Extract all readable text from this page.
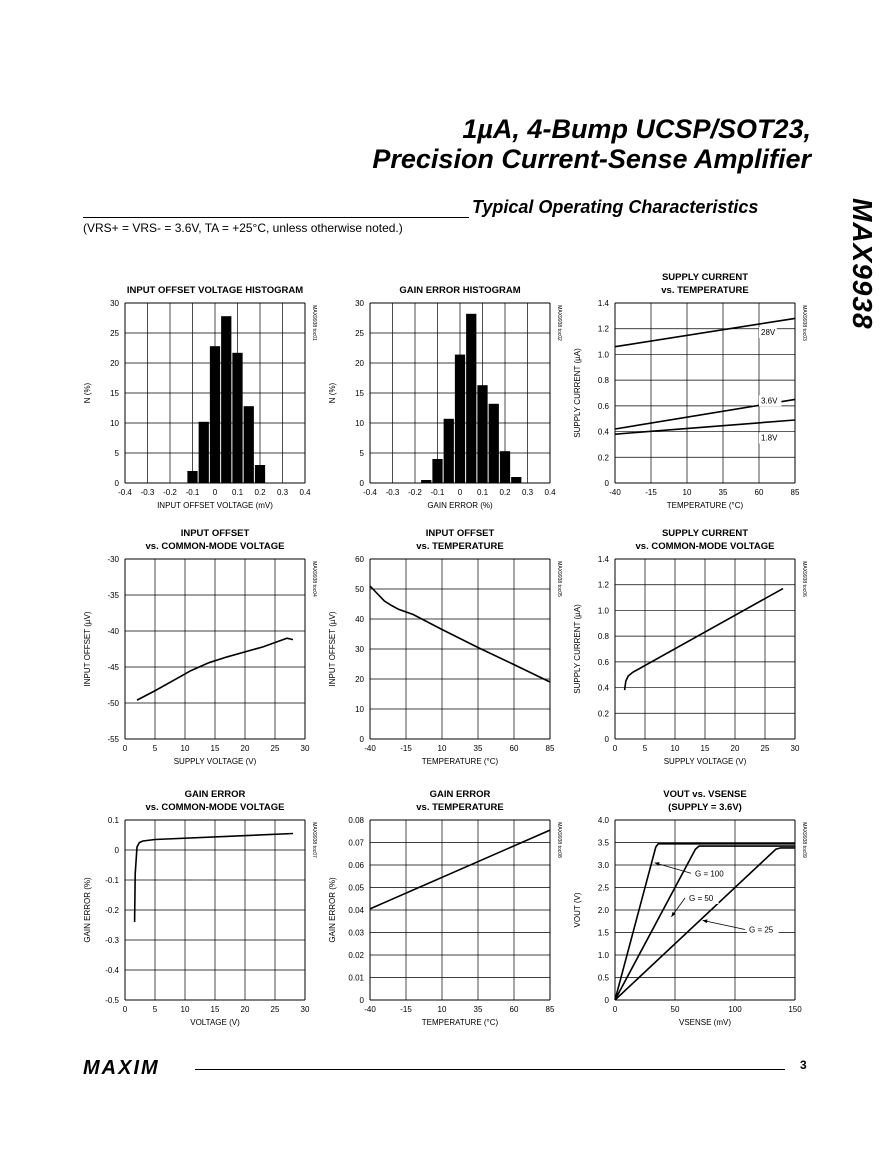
1µA, 4-Bump UCSP/SOT23,
Precision Current-Sense Amplifier
Typical Operating Characteristics
(VRS+ = VRS- = 3.6V, TA = +25°C, unless otherwise noted.)	MAX9938
INPUT OFFSET VOLTAGE HISTOGRAM
-0.4 -0.3 -0.2 -0.1 0 0.1 0.2 0.3 0.4
0
5
10
15
20
25
30
INPUT OFFSET VOLTAGE (mV)
N (%)
MAX9938 toc01
GAIN ERROR HISTOGRAM
-0.4 -0.3 -0.2 -0.1 0 0.1 0.2 0.3 0.4
0
5
10
15
20
25
30
GAIN ERROR (%)
N (%)
MAX9938 toc02
SUPPLY CURRENT
vs. TEMPERATURE
-40	-15	10	35	60	85
0
0.2
0.4
0.6
0.8
1.0
1.2
1.4
TEMPERATURE (°C)
SUPPLY CURRENT (µA)
MAX9938 toc03
28V
3.6V
1.8V
INPUT OFFSET
vs. COMMON-MODE VOLTAGE
0	5	10	15	20	25	30
-55
-50
-45
-40
-35
-30
SUPPLY VOLTAGE (V)
INPUT OFFSET (µV)
MAX9938 toc04
INPUT OFFSET
vs. TEMPERATURE
-40	-15	10	35	60	85
0
10
20
30
40
50
60
TEMPERATURE (°C)
INPUT OFFSET (µV)
MAX9938 toc05
SUPPLY CURRENT
vs. COMMON-MODE VOLTAGE
0	5	10	15	20	25	30
0
0.2
0.4
0.6
0.8
1.0
1.2
1.4
SUPPLY VOLTAGE (V)
SUPPLY CURRENT (µA)
MAX9938 toc06
GAIN ERROR
vs. COMMON-MODE VOLTAGE
0	5	10	15	20	25	30
-0.5
-0.4
-0.3
-0.2
-0.1
0
0.1
VOLTAGE (V)
GAIN ERROR (%)
MAX9938 toc07
GAIN ERROR
vs. TEMPERATURE
-40	-15	10	35	60	85
0
0.01
0.02
0.03
0.04
0.05
0.06
0.07
0.08
TEMPERATURE (°C)
GAIN ERROR (%)
MAX9938 toc08
VOUT vs. VSENSE
(SUPPLY = 3.6V)
0	50	100	150
0
0.5
1.0
1.5
2.0
2.5
3.0
3.5
4.0
VSENSE (mV)
VOUT (V)
MAX9938 toc09
G = 100
G = 50
G = 25
MAXIM	3
